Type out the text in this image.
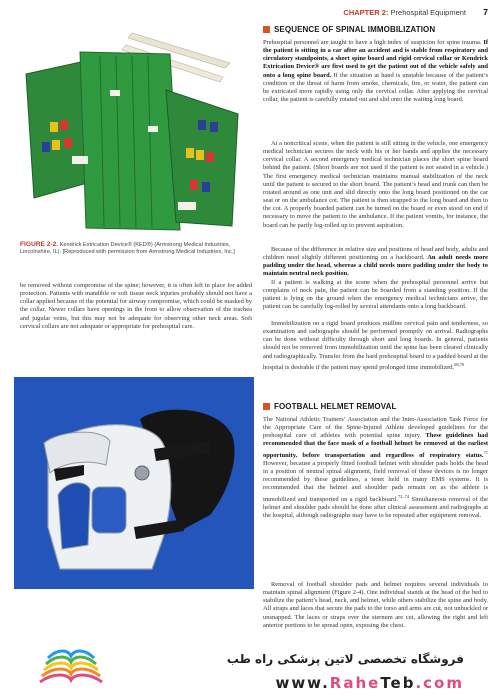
CHAPTER 2: Prehospital Equipment 7
FIGURE 2-2. Kendrick Extrication Device® (KED®) (Armstrong Medical Industries, Lincolnshire, IL). [Reproduced with permission from Armstrong Medical Industries, Inc.]
be removed without compromise of the spine; however, it is often left in place for added protection. Patients with mandible or soft tissue neck injuries probably should not have a collar applied because of the potential for airway compromise, which could be masked by the collar. Newer collars have openings in the front to allow observation of the trachea and jugular veins, but this may not be adequate for observing other neck areas. Soft cervical collars are not adequate or appropriate for prehospital care.
SEQUENCE OF SPINAL IMMOBILIZATION
Prehospital personnel are taught to have a high index of suspicion for spine trauma. If the patient is sitting in a car after an accident and is stable from respiratory and circulatory standpoints, a short spine board and rigid cervical collar or Kendrick Extrication Device® are first used to get the patient out of the vehicle safely and onto a long spine board. If the situation at hand is unstable because of the patient’s condition or the threat of harm from smoke, chemicals, fire, or water, the patient can be extricated more rapidly using only the cervical collar. After applying the cervical collar, the patient is carefully rotated out and slid onto the waiting long board.
At a noncritical scene, when the patient is still sitting in the vehicle, one emergency medical technician secures the neck with his or her hands and applies the necessary cervical collar. A second emergency medical technician places the short spine board behind the patient. (Short boards are not used if the patient is not seated in a vehicle.) The first emergency medical technician maintains manual stabilization of the neck until the patient is secured to the short board. The patient’s head and trunk can then be rotated around as one unit and slid directly onto the long board positioned on the car seat or on the ambulance cot. The patient is then strapped to the long board and then to the cot. A properly boarded patient can be turned on the board or even stood on end if necessary to move the patient to the ambulance. If the patient vomits, for instance, the board can be partly log-rolled up to prevent aspiration.
Because of the difference in relative size and positions of head and body, adults and children need slightly different positioning on a backboard. An adult needs more padding under the head, whereas a child needs more padding under the body to maintain neutral neck position.
If a patient is walking at the scene when the prehospital personnel arrive but complains of neck pain, the patient can be boarded from a standing position. If the patient is lying on the ground when the emergency medical technicians arrive, the patient can be carefully log-rolled by several attendants onto a long backboard.
Immobilization on a rigid board produces midline cervical pain and tenderness, so examination and radiographs should be performed promptly on arrival. Radiographs can be done without difficulty through short and long boards. In general, patients should not be removed from immobilization until the spine has been cleared clinically and radiographically. Transfer from the hard prehospital board to a padded board at the hospital is desirable if the patient may spend prolonged time immobilized.$^{68,70}$
FOOTBALL HELMET REMOVAL
The National Athletic Trainers’ Association and the Inter-Association Task Force for the Appropriate Care of the Spine-Injured Athlete developed guidelines for the prehospital care of athletes with potential spine injury. These guidelines had recommended that the face mask of a football helmet be removed at the earliest opportunity, before transportation and regardless of respiratory status.$^{71}$ However, because a properly fitted football helmet with shoulder pads holds the head in a position of neutral spinal alignment, field removal of these devices is no longer recommended by these guidelines, a tenet held in many EMS systems. It is recommended that the helmet and shoulder pads remain on as the athlete is immobilized and transported on a rigid backboard.$^{72-74}$ Simultaneous removal of the helmet and shoulder pads should be done after clinical assessment and radiographs at the hospital, although radiographs may have to be repeated after equipment removal.
Removal of football shoulder pads and helmet requires several individuals to maintain spinal alignment (Figure 2-4). One individual stands at the head of the bed to stabilize the patient’s head, neck, and helmet, while others stabilize the spine and body. All straps and laces that secure the pads to the torso and arms are cut, not unbuckled or unsnapped. The laces or straps over the sternum are cut, allowing the right and left anterior portions to be spread open, exposing the chest.
فروشگاه تخصصی لاتین پزشکی راه طب
www.RaheTeb.com
